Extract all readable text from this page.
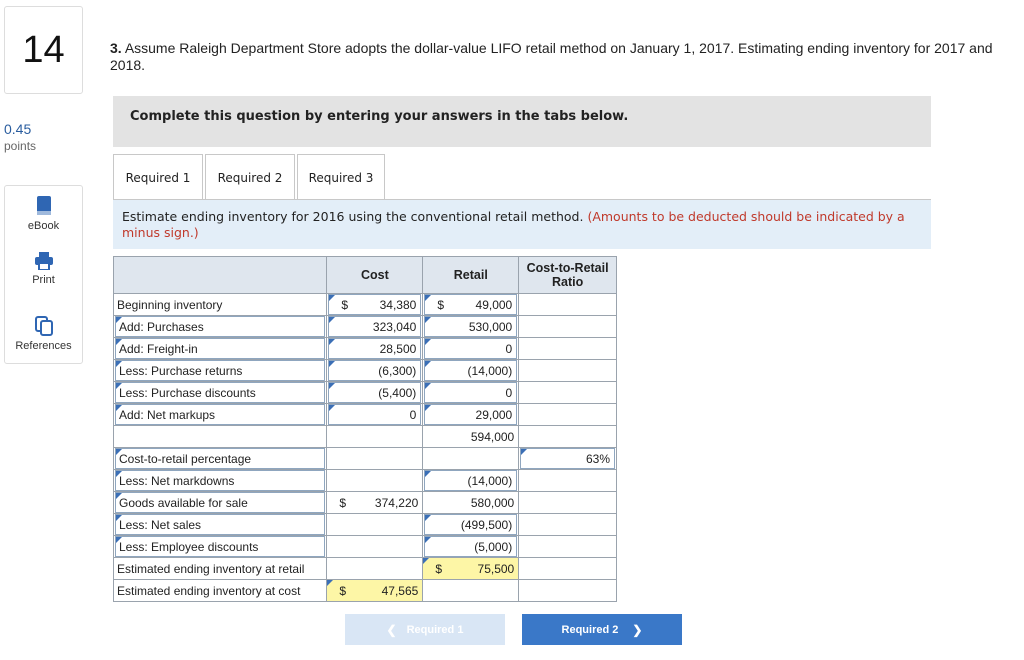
14
0.45
points
eBook
Print
References
3. Assume Raleigh Department Store adopts the dollar-value LIFO retail method on January 1, 2017. Estimating ending inventory for 2017 and 2018.
Complete this question by entering your answers in the tabs below.
Required 1	Required 2	Required 3
Estimate ending inventory for 2016 using the conventional retail method. (Amounts to be deducted should be indicated by a minus sign.)
	Cost	Retail	Cost-to-Retail
Ratio

Beginning inventory	$ 34,380	$ 49,000	

Add: Purchases	323,040	530,000	

Add: Freight-in	28,500	0	

Less: Purchase returns	(6,300)	(14,000)	

Less: Purchase discounts	(5,400)	0	

Add: Net markups	0	29,000	

		594,000	

Cost-to-retail percentage			63%

Less: Net markdowns		(14,000)	

Goods available for sale	$ 374,220	580,000	

Less: Net sales		(499,500)	

Less: Employee discounts		(5,000)	

Estimated ending inventory at retail		$ 75,500	

Estimated ending inventory at cost	$ 47,565		

❮ Required 1	Required 2 ❯
